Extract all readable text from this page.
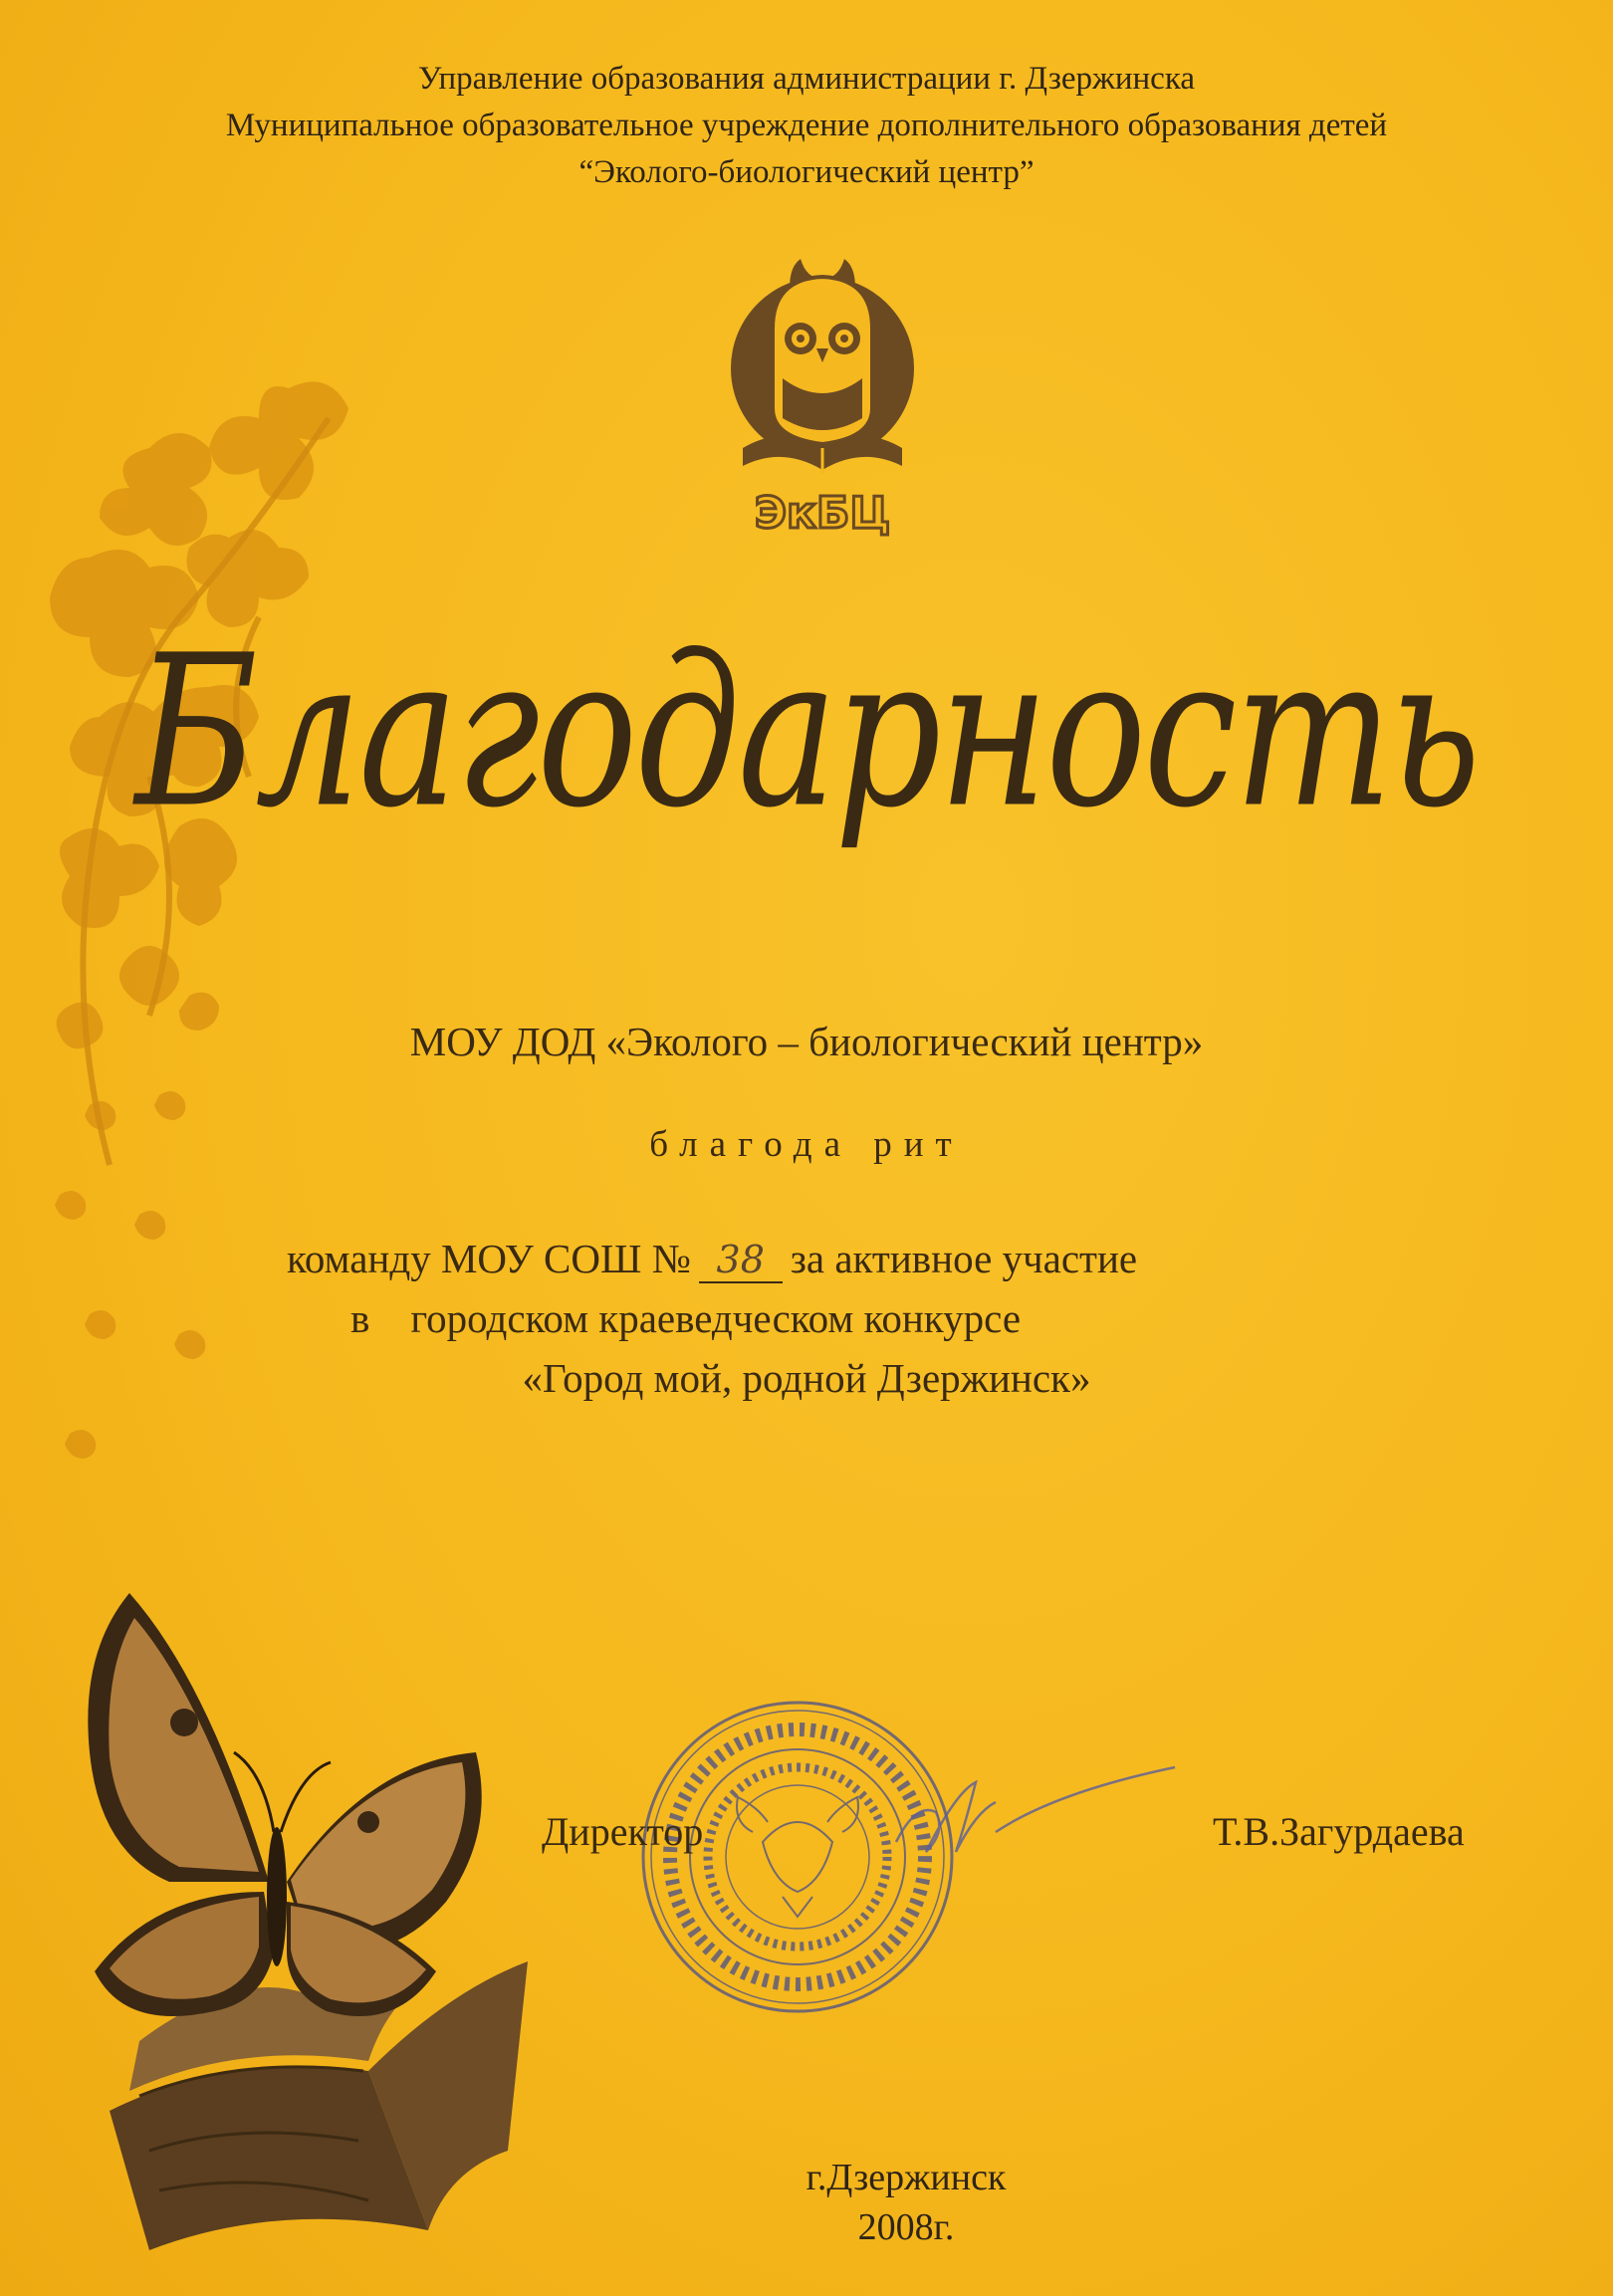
Управление образования администрации г. Дзержинска
Муниципальное образовательное учреждение дополнительного образования детей
“Эколого-биологический центр”
ЭкБЦ
Благодарность
МОУ ДОД «Эколого – биологический центр»
благода рит
команду МОУ СОШ № 38 за активное участие
в    городском краеведческом конкурсе
«Город мой, родной Дзержинск»
Директор	Т.В.Загурдаева
г.Дзержинск
2008г.
